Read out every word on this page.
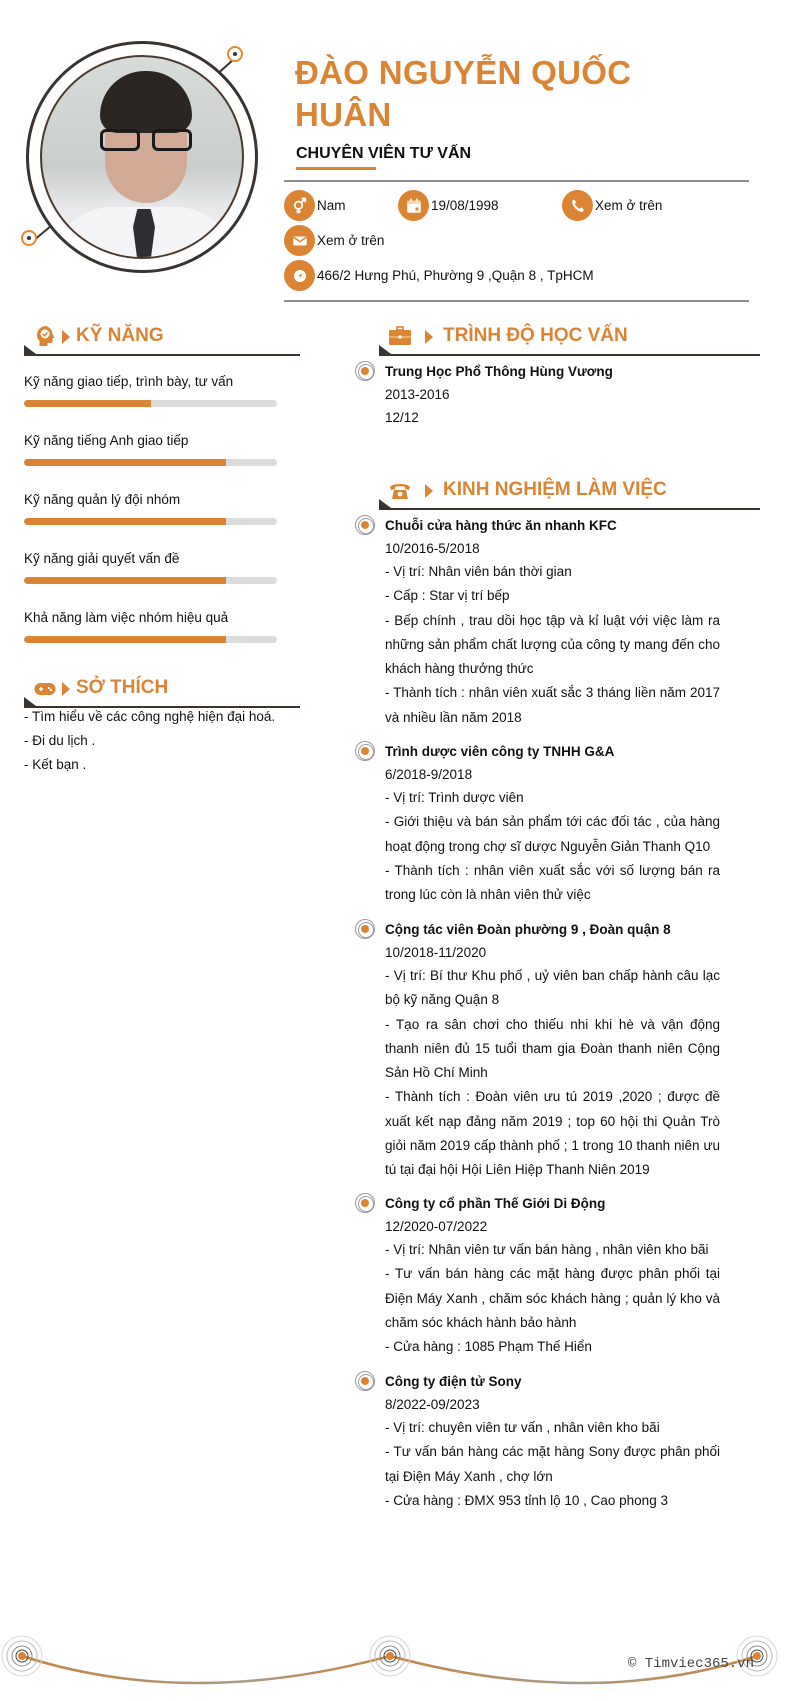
ĐÀO NGUYỄN QUỐC HUÂN
CHUYÊN VIÊN TƯ VẤN
Nam	19/08/1998	Xem ở trên
Xem ở trên
466/2 Hưng Phú, Phường 9 ,Quận 8 , TpHCM
KỸ NĂNG
Kỹ năng giao tiếp, trình bày, tư vấn
Kỹ năng tiếng Anh giao tiếp
Kỹ năng quản lý đội nhóm
Kỹ năng giải quyết vấn đề
Khả năng làm việc nhóm hiệu quả
SỞ THÍCH
- Tìm hiểu về các công nghệ hiện đại hoá.
- Đi du lịch .
- Kết bạn .
TRÌNH ĐỘ HỌC VẤN
Trung Học Phổ Thông Hùng Vương
2013-2016
12/12
KINH NGHIỆM LÀM VIỆC
Chuỗi cửa hàng thức ăn nhanh KFC
10/2016-5/2018
- Vị trí: Nhân viên bán thời gian
- Cấp : Star vị trí bếp
- Bếp chính , trau dồi học tập và kỉ luật với việc làm ra những sản phẩm chất lượng của công ty mang đến cho khách hàng thưởng thức
- Thành tích : nhân viên xuất sắc 3 tháng liền năm 2017 và nhiều lần năm 2018
Trình dược viên công ty TNHH G&A
6/2018-9/2018
- Vị trí: Trình dược viên
- Giới thiệu và bán sản phẩm tới các đối tác , của hàng hoạt động trong chợ sĩ dược Nguyễn Giản Thanh Q10
- Thành tích : nhân viên xuất sắc với số lượng bán ra trong lúc còn là nhân viên thử việc
Cộng tác viên Đoàn phường 9 , Đoàn quận 8
10/2018-11/2020
- Vị trí: Bí thư Khu phố , uỷ viên ban chấp hành câu lạc bộ kỹ năng Quận 8
- Tạo ra sân chơi cho thiếu nhi khi hè và vận động thanh niên đủ 15 tuổi tham gia Đoàn thanh niên Cộng Sản Hồ Chí Minh
- Thành tích : Đoàn viên ưu tú 2019 ,2020 ; được đề xuất kết nạp đảng năm 2019 ; top 60 hội thi Quản Trò giỏi năm 2019 cấp thành phố ; 1 trong 10 thanh niên ưu tú tại đại hội Hội Liên Hiệp Thanh Niên 2019
Công ty cổ phần Thế Giới Di Động
12/2020-07/2022
- Vị trí: Nhân viên tư vấn bán hàng , nhân viên kho bãi
- Tư vấn bán hàng các mặt hàng được phân phối tại Điện Máy Xanh , chăm sóc khách hàng ; quản lý kho và chăm sóc khách hành bảo hành
- Cửa hàng : 1085 Phạm Thế Hiển
Công ty điện tử Sony
8/2022-09/2023
- Vị trí: chuyên viên tư vấn , nhân viên kho bãi
- Tư vấn bán hàng các mặt hàng Sony được phân phối tại Điện Máy Xanh , chợ lớn
- Cửa hàng : ĐMX 953 tỉnh lộ 10 , Cao phong 3
© Timviec365.vn
